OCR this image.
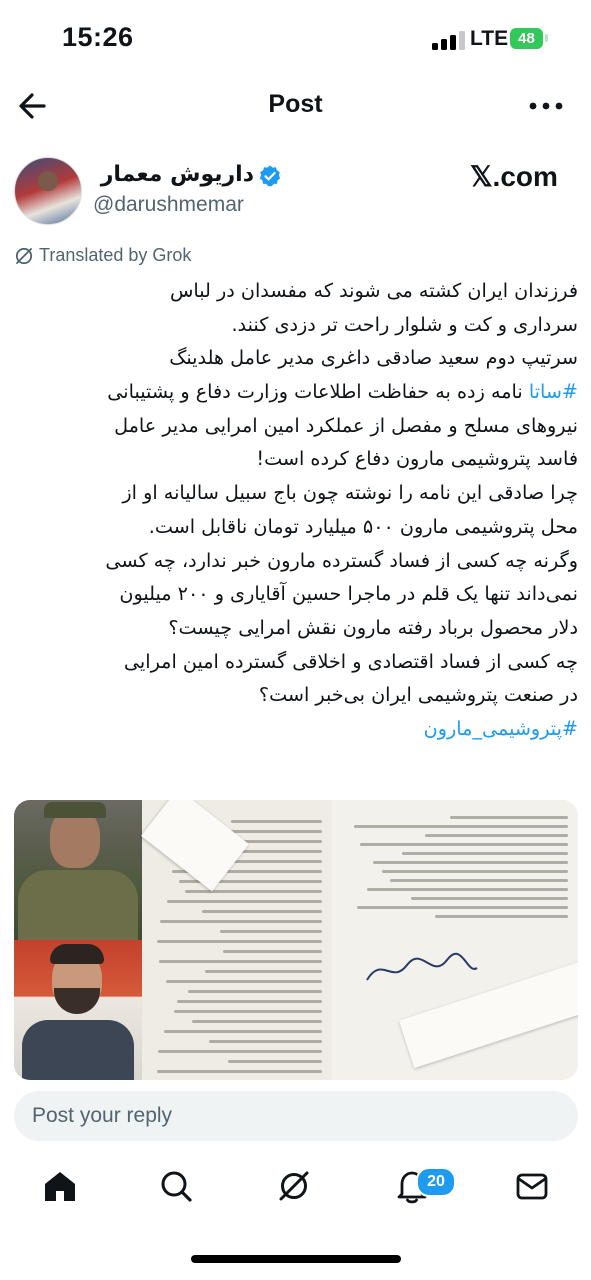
15:26	LTE 48
Post
داریوش معمار
@darushmemar
𝕏.com
Translated by Grok
فرزندان ایران کشته می شوند که مفسدان در لباس
سرداری و کت و شلوار راحت تر دزدی کنند.
سرتیپ دوم سعید صادقی داغری مدیر عامل هلدینگ
#ساتا نامه زده به حفاظت اطلاعات وزارت دفاع و پشتیبانی
نیروهای مسلح و مفصل از عملکرد امین امرایی مدیر عامل
فاسد پتروشیمی مارون دفاع کرده است!
چرا صادقی این نامه را نوشته چون باج سبیل سالیانه او از
محل پتروشیمی مارون ۵۰۰ میلیارد تومان ناقابل است.
وگرنه چه کسی از فساد گسترده مارون خبر ندارد، چه کسی
نمی‌داند تنها یک قلم در ماجرا حسین آقایاری و ۲۰۰ میلیون
دلار محصول برباد رفته مارون نقش امرایی چیست؟
چه کسی از فساد اقتصادی و اخلاقی گسترده امین امرایی
در صنعت پتروشیمی ایران بی‌خبر است؟
#پتروشیمی_مارون
Post your reply
20
